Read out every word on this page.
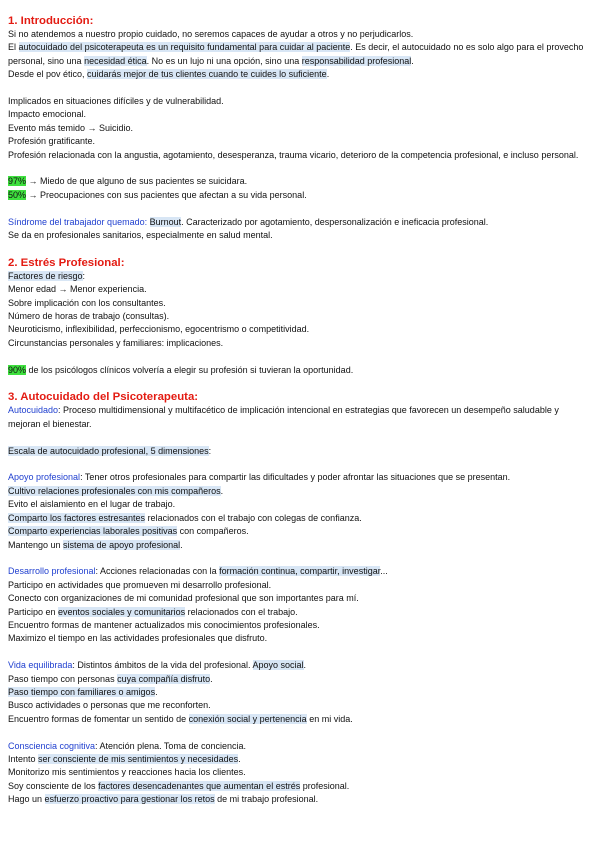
1. Introducción:
Si no atendemos a nuestro propio cuidado, no seremos capaces de ayudar a otros y no perjudicarlos.
El autocuidado del psicoterapeuta es un requisito fundamental para cuidar al paciente. Es decir, el autocuidado no es solo algo para el provecho personal, sino una necesidad ética. No es un lujo ni una opción, sino una responsabilidad profesional.
Desde el pov ético, cuidarás mejor de tus clientes cuando te cuides lo suficiente.
Implicados en situaciones difíciles y de vulnerabilidad.
Impacto emocional.
Evento más temido → Suicidio.
Profesión gratificante.
Profesión relacionada con la angustia, agotamiento, desesperanza, trauma vicario, deterioro de la competencia profesional, e incluso personal.
97% → Miedo de que alguno de sus pacientes se suicidara.
50% → Preocupaciones con sus pacientes que afectan a su vida personal.
Síndrome del trabajador quemado: Burnout. Caracterizado por agotamiento, despersonalización e ineficacia profesional.
Se da en profesionales sanitarios, especialmente en salud mental.
2. Estrés Profesional:
Factores de riesgo:
Menor edad → Menor experiencia.
Sobre implicación con los consultantes.
Número de horas de trabajo (consultas).
Neuroticismo, inflexibilidad, perfeccionismo, egocentrismo o competitividad.
Circunstancias personales y familiares: implicaciones.
90% de los psicólogos clínicos volvería a elegir su profesión si tuvieran la oportunidad.
3. Autocuidado del Psicoterapeuta:
Autocuidado: Proceso multidimensional y multifacético de implicación intencional en estrategias que favorecen un desempeño saludable y mejoran el bienestar.
Escala de autocuidado profesional, 5 dimensiones:
Apoyo profesional: Tener otros profesionales para compartir las dificultades y poder afrontar las situaciones que se presentan.
Cultivo relaciones profesionales con mis compañeros.
Evito el aislamiento en el lugar de trabajo.
Comparto los factores estresantes relacionados con el trabajo con colegas de confianza.
Comparto experiencias laborales positivas con compañeros.
Mantengo un sistema de apoyo profesional.
Desarrollo profesional: Acciones relacionadas con la formación continua, compartir, investigar...
Participo en actividades que promueven mi desarrollo profesional.
Conecto con organizaciones de mi comunidad profesional que son importantes para mí.
Participo en eventos sociales y comunitarios relacionados con el trabajo.
Encuentro formas de mantener actualizados mis conocimientos profesionales.
Maximizo el tiempo en las actividades profesionales que disfruto.
Vida equilibrada: Distintos ámbitos de la vida del profesional. Apoyo social.
Paso tiempo con personas cuya compañía disfruto.
Paso tiempo con familiares o amigos.
Busco actividades o personas que me reconforten.
Encuentro formas de fomentar un sentido de conexión social y pertenencia en mi vida.
Consciencia cognitiva: Atención plena. Toma de conciencia.
Intento ser consciente de mis sentimientos y necesidades.
Monitorizo mis sentimientos y reacciones hacia los clientes.
Soy consciente de los factores desencadenantes que aumentan el estrés profesional.
Hago un esfuerzo proactivo para gestionar los retos de mi trabajo profesional.
